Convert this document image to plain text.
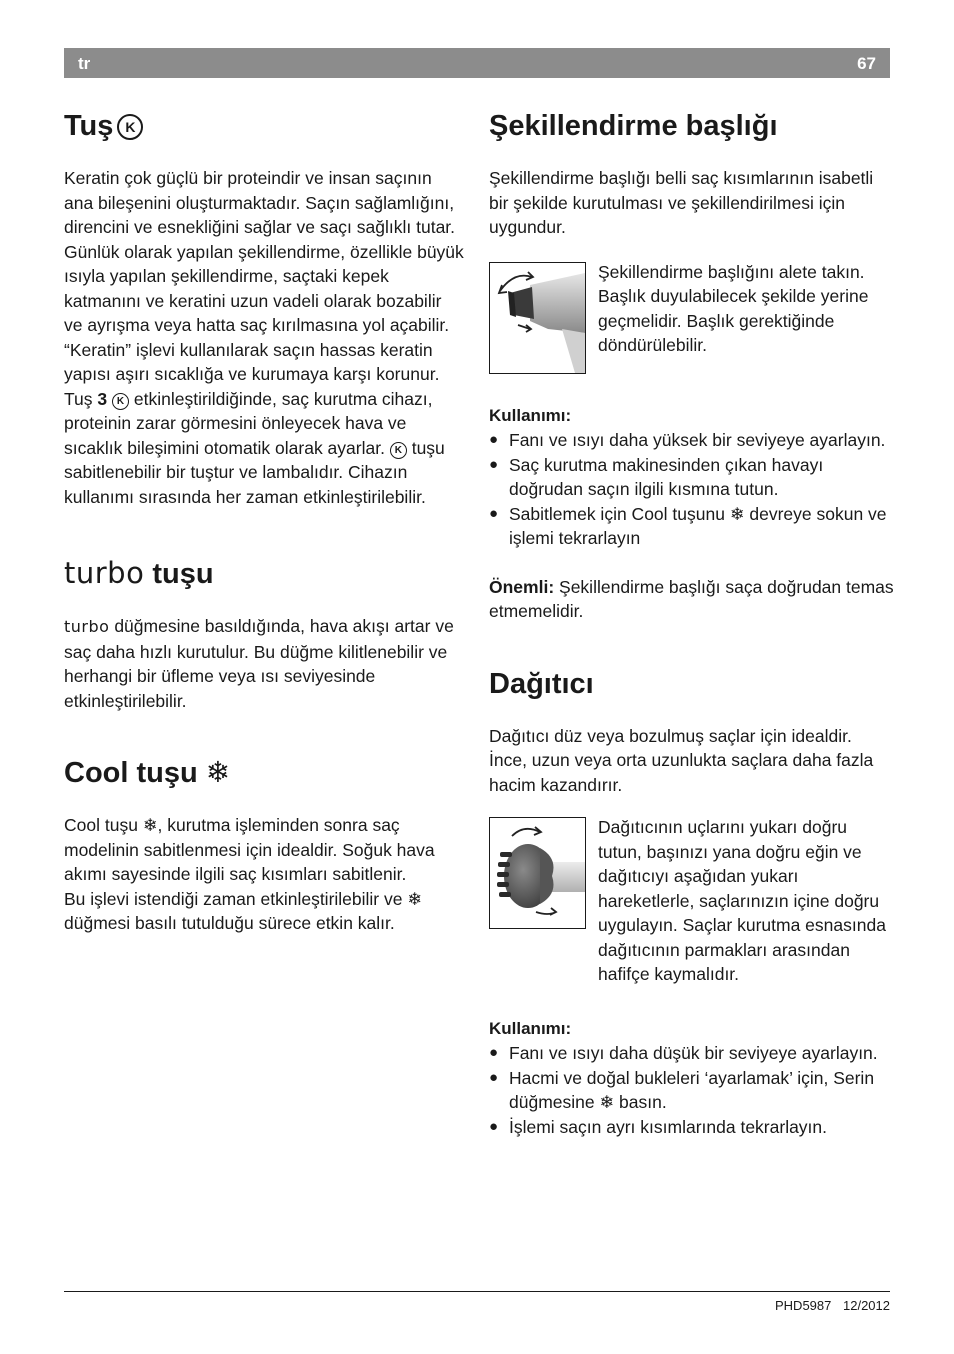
tr	67
Tuş K

Keratin çok güçlü bir proteindir ve insan saçının ana bileşenini oluşturmaktadır. Saçın sağlamlığını, direncini ve esnekliğini sağlar ve saçı sağlıklı tutar. Günlük olarak yapılan şekillendirme, özellikle büyük ısıyla yapılan şekillendirme, saçtaki kepek katmanını ve keratini uzun vadeli olarak bozabilir ve ayrışma veya hatta saç kırılmasına yol açabilir. “Keratin” işlevi kullanılarak saçın hassas keratin yapısı aşırı sıcaklığa ve kurumaya karşı korunur.

Tuş 3 K etkinleştirildiğinde, saç kurutma cihazı, proteinin zarar görmesini önleyecek hava ve sıcaklık bileşimini otomatik olarak ayarlar. K tuşu sabitlenebilir bir tuştur ve lambalıdır. Cihazın kullanımı sırasında her zaman etkinleştirilebilir.

turbo tuşu

turbo düğmesine basıldığında, hava akışı artar ve saç daha hızlı kurutulur. Bu düğme kilitlenebilir ve herhangi bir üfleme veya ısı seviyesinde etkinleştirilebilir.

Cool tuşu ❄

Cool tuşu ❄, kurutma işleminden sonra saç modelinin sabitlenmesi için idealdir. Soğuk hava akımı sayesinde ilgili saç kısımları sabitlenir.

Bu işlevi istendiği zaman etkinleştirilebilir ve ❄ düğmesi basılı tutulduğu sürece etkin kalır.

Şekillendirme başlığı

Şekillendirme başlığı belli saç kısımlarının isabetli bir şekilde kurutulması ve şekillendirilmesi için uygundur.

Şekillendirme başlığını alete takın. Başlık duyulabilecek şekilde yerine geçmelidir. Başlık gerektiğinde döndürülebilir.

Kullanımı:

● Fanı ve ısıyı daha yüksek bir seviyeye ayarlayın.
● Saç kurutma makinesinden çıkan havayı doğrudan saçın ilgili kısmına tutun.
● Sabitlemek için Cool tuşunu ❄ devreye sokun ve işlemi tekrarlayın

Önemli: Şekillendirme başlığı saça doğrudan temas etmemelidir.

Dağıtıcı

Dağıtıcı düz veya bozulmuş saçlar için idealdir. İnce, uzun veya orta uzunlukta saçlara daha fazla hacim kazandırır.

Dağıtıcının uçlarını yukarı doğru tutun, başınızı yana doğru eğin ve dağıtıcıyı aşağıdan yukarı hareketlerle, saçlarınızın içine doğru uygulayın. Saçlar kurutma esnasında dağıtıcının parmakları arasından hafifçe kaymalıdır.

Kullanımı:

● Fanı ve ısıyı daha düşük bir seviyeye ayarlayın.
● Hacmi ve doğal bukleleri ‘ayarlamak’ için, Serin düğmesine ❄ basın.
● İşlemi saçın ayrı kısımlarında tekrarlayın.
PHD5987 12/2012
